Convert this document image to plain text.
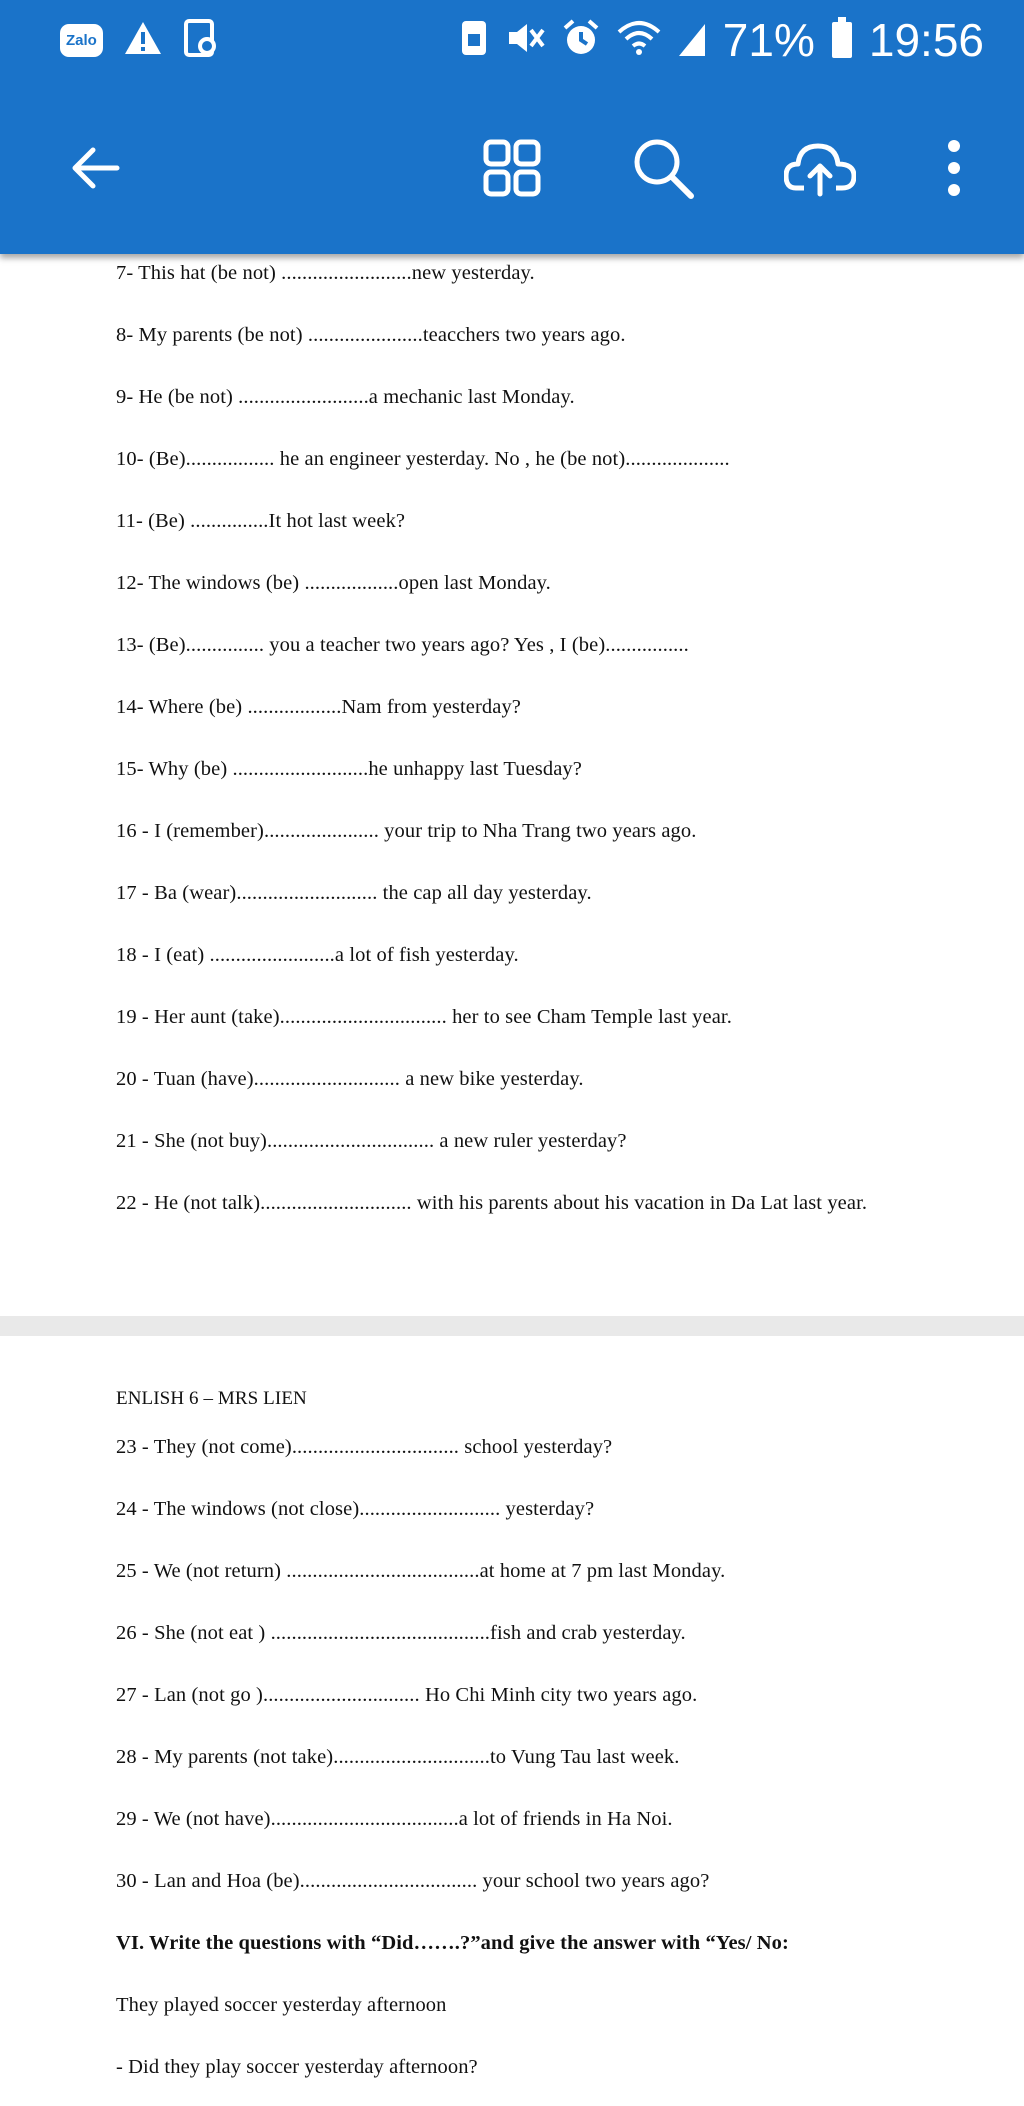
Zalo	71% 19:56
7- This hat (be not) .........................new yesterday.
8- My parents (be not) ......................teacchers two years ago.
9- He (be not) .........................a mechanic last Monday.
10- (Be)................. he an engineer yesterday. No , he (be not)....................
11- (Be) ...............It hot last week?
12- The windows (be) ..................open last Monday.
13- (Be)............... you a teacher two years ago? Yes , I (be)................
14- Where (be) ..................Nam from yesterday?
15- Why (be) ..........................he unhappy last Tuesday?
16 - I (remember)...................... your trip to Nha Trang two years ago.
17 - Ba (wear)........................... the cap all day yesterday.
18 - I (eat) ........................a lot of fish yesterday.
19 - Her aunt (take)................................ her to see Cham Temple last year.
20 - Tuan (have)............................ a new bike yesterday.
21 - She (not buy)................................ a new ruler yesterday?
22 - He (not talk)............................. with his parents about his vacation in Da Lat last year.
ENLISH 6 – MRS LIEN
23 - They (not come)................................ school yesterday?
24 - The windows (not close)........................... yesterday?
25 - We (not return) .....................................at home at 7 pm last Monday.
26 - She (not eat ) ..........................................fish and crab yesterday.
27 - Lan (not go ).............................. Ho Chi Minh city two years ago.
28 - My parents (not take)..............................to Vung Tau last week.
29 - We (not have)....................................a lot of friends in Ha Noi.
30 - Lan and Hoa (be).................................. your school two years ago?
VI. Write the questions with “Did…….?”and give the answer with “Yes/ No:
They played soccer yesterday afternoon
- Did they play soccer yesterday afternoon?
